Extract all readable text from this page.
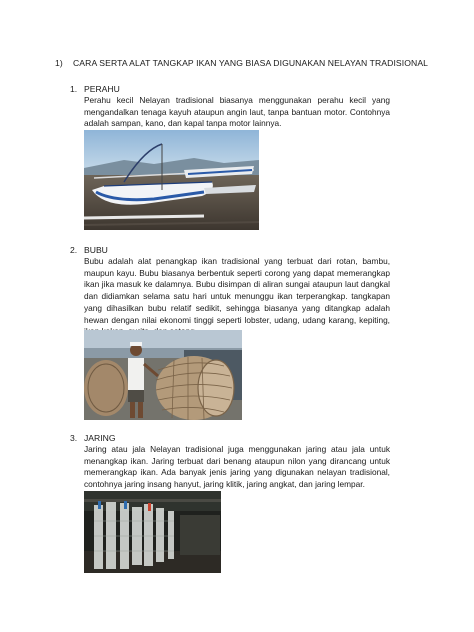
1) CARA SERTA ALAT TANGKAP IKAN YANG BIASA DIGUNAKAN NELAYAN TRADISIONAL
1. PERAHU
Perahu kecil Nelayan tradisional biasanya menggunakan perahu kecil yang mengandalkan tenaga kayuh ataupun angin laut, tanpa bantuan motor. Contohnya adalah sampan, kano, dan kapal tanpa motor lainnya.
2. BUBU
Bubu adalah alat penangkap ikan tradisional yang terbuat dari rotan, bambu, maupun kayu. Bubu biasanya berbentuk seperti corong yang dapat memerangkap ikan jika masuk ke dalamnya. Bubu disimpan di aliran sungai ataupun laut dangkal dan didiamkan selama satu hari untuk menunggu ikan terperangkap. tangkapan yang dihasilkan bubu relatif sedikit, sehingga biasanya yang ditangkap adalah hewan dengan nilai ekonomi tinggi seperti lobster, udang, udang karang, kepiting,
3. JARING
Jaring atau jala Nelayan tradisional juga menggunakan jaring atau jala untuk menangkap ikan. Jaring terbuat dari benang ataupun nilon yang dirancang untuk memerangkap ikan. Ada banyak jenis jaring yang digunakan nelayan tradisional, contohnya jaring insang hanyut, jaring klitik, jaring angkat, dan jaring lempar.
